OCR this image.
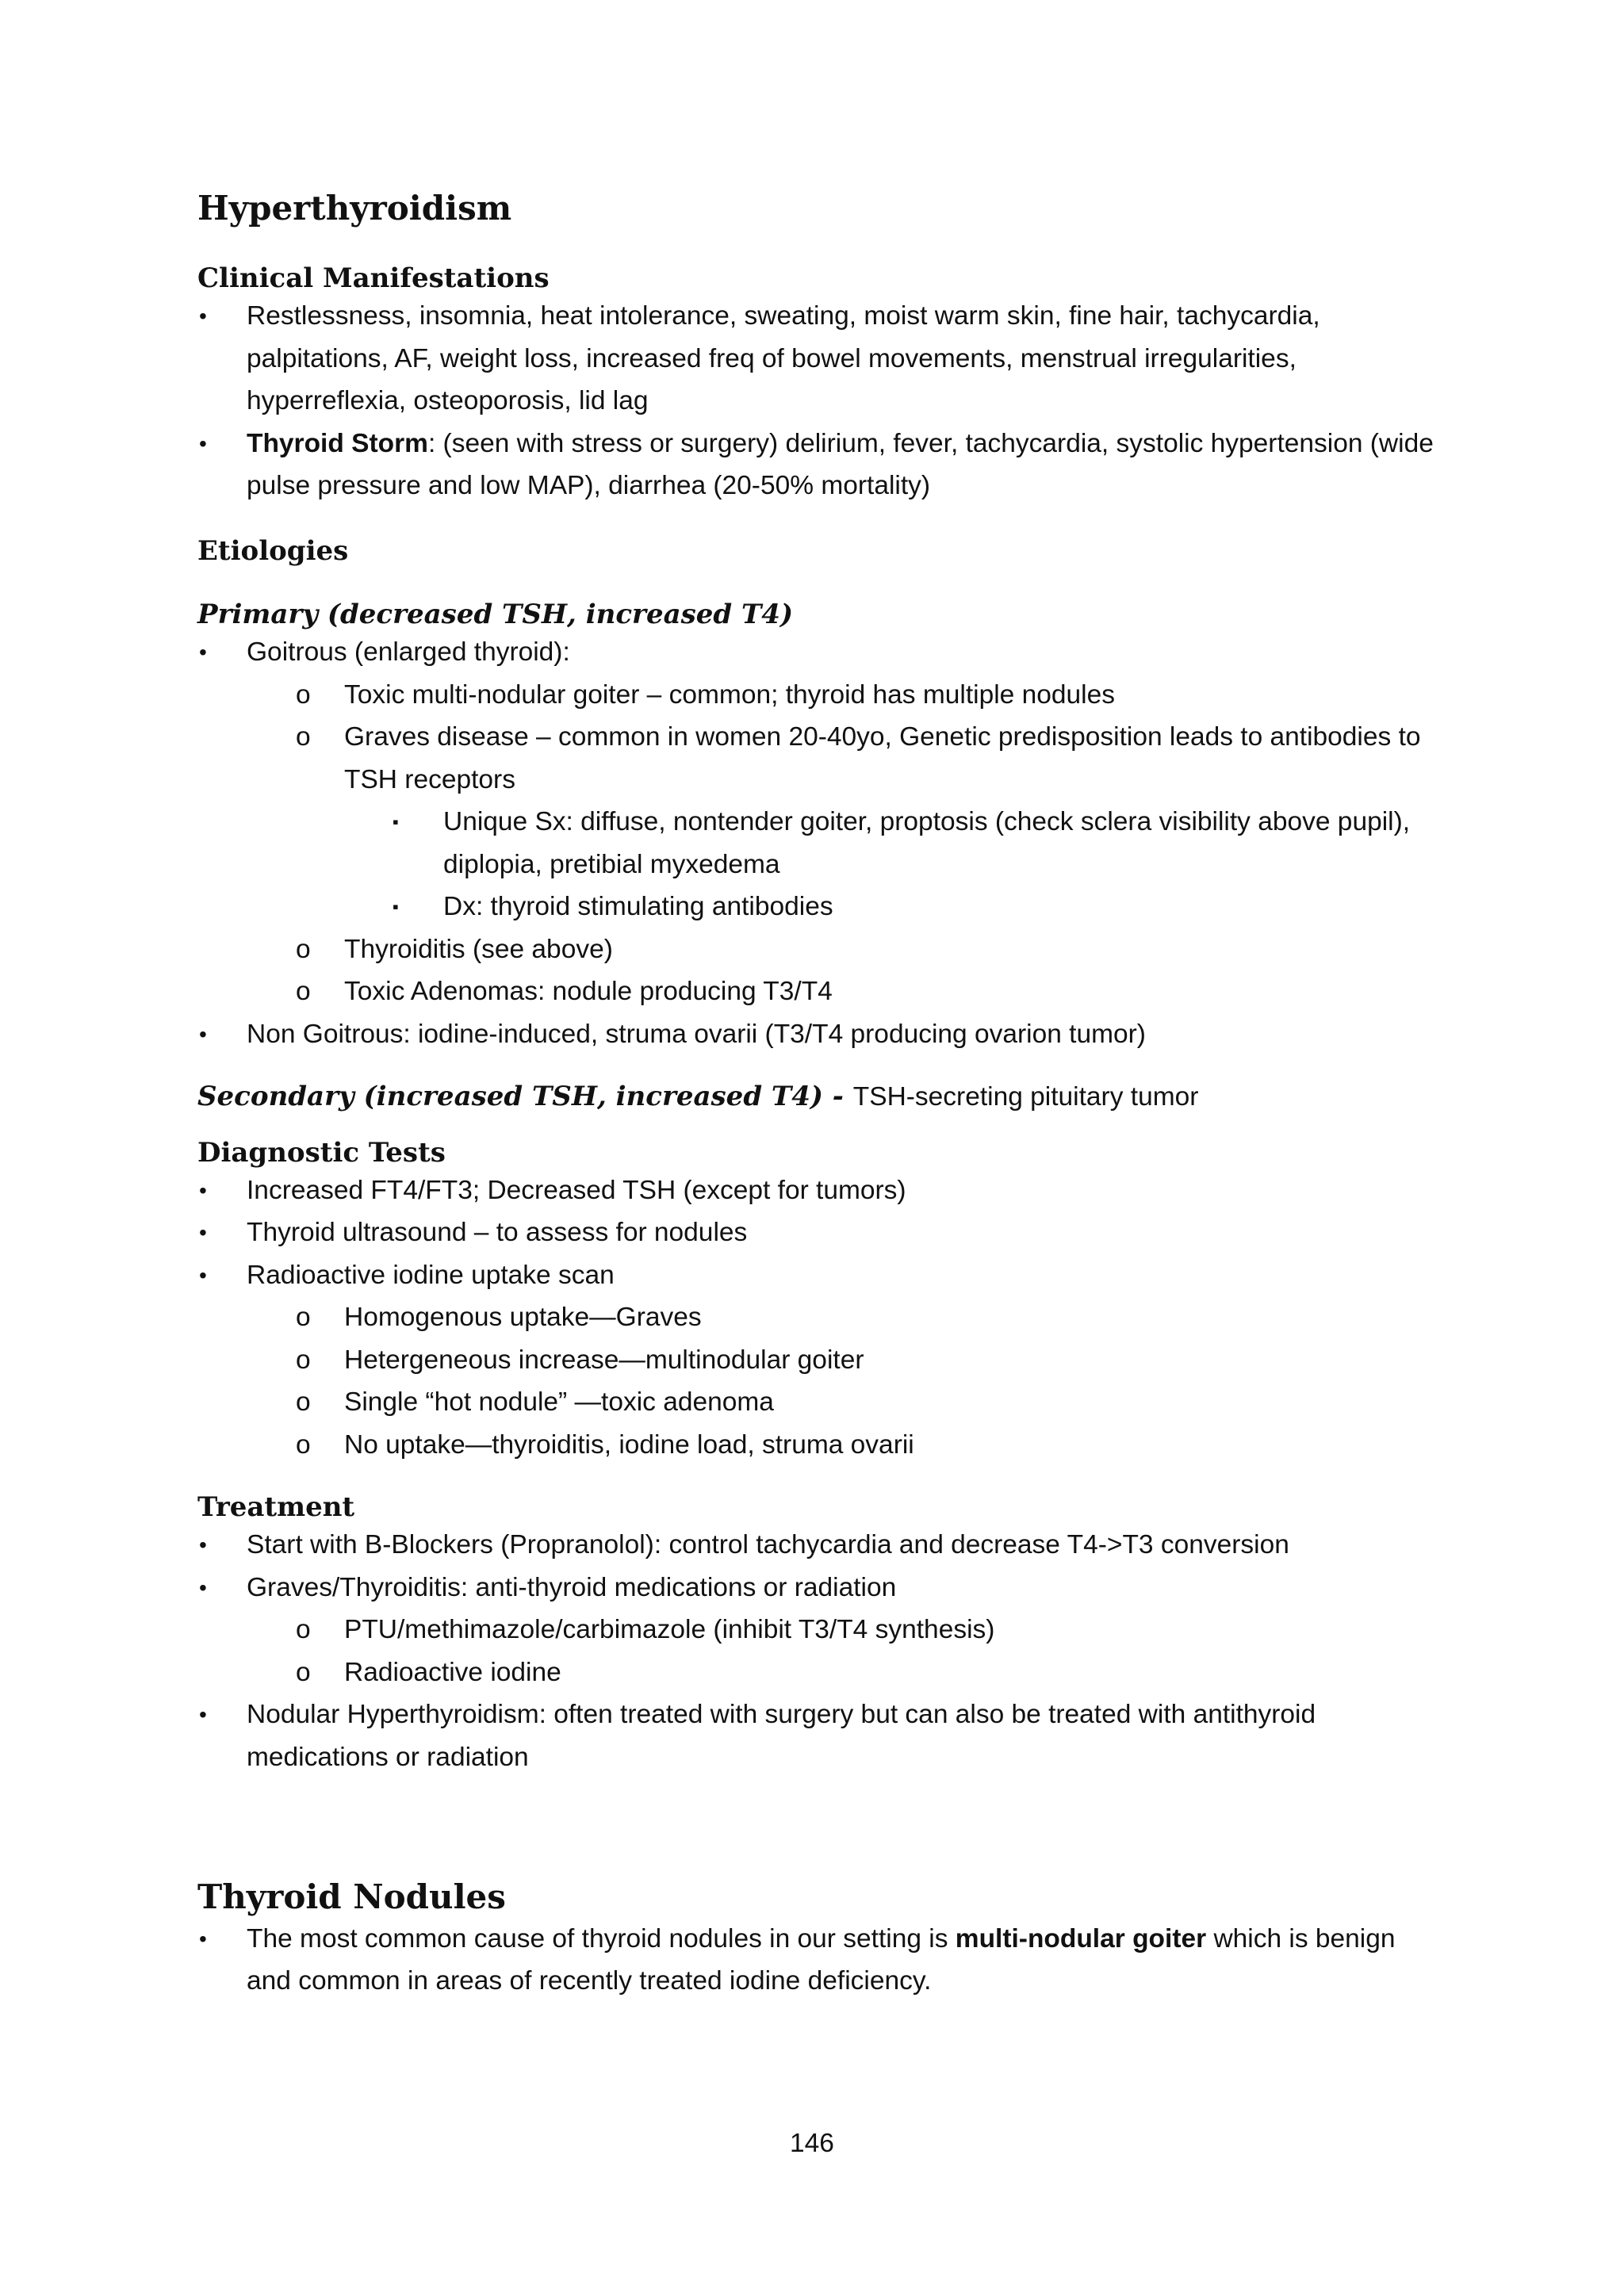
Hyperthyroidism
Clinical Manifestations
• Restlessness, insomnia, heat intolerance, sweating, moist warm skin, fine hair, tachycardia, palpitations, AF, weight loss, increased freq of bowel movements, menstrual irregularities, hyperreflexia, osteoporosis, lid lag
• Thyroid Storm: (seen with stress or surgery) delirium, fever, tachycardia, systolic hypertension (wide pulse pressure and low MAP), diarrhea (20-50% mortality)
Etiologies
Primary (decreased TSH, increased T4)
• Goitrous (enlarged thyroid):
o Toxic multi-nodular goiter – common; thyroid has multiple nodules
o Graves disease – common in women 20-40yo, Genetic predisposition leads to antibodies to TSH receptors
▪ Unique Sx: diffuse, nontender goiter, proptosis (check sclera visibility above pupil), diplopia, pretibial myxedema
▪ Dx: thyroid stimulating antibodies
o Thyroiditis (see above)
o Toxic Adenomas: nodule producing T3/T4
• Non Goitrous: iodine-induced, struma ovarii (T3/T4 producing ovarion tumor)
Secondary (increased TSH, increased T4) - TSH-secreting pituitary tumor
Diagnostic Tests
• Increased FT4/FT3; Decreased TSH (except for tumors)
• Thyroid ultrasound – to assess for nodules
• Radioactive iodine uptake scan
o Homogenous uptake—Graves
o Hetergeneous increase—multinodular goiter
o Single “hot nodule” —toxic adenoma
o No uptake—thyroiditis, iodine load, struma ovarii
Treatment
• Start with B-Blockers (Propranolol): control tachycardia and decrease T4->T3 conversion
• Graves/Thyroiditis: anti-thyroid medications or radiation
o PTU/methimazole/carbimazole (inhibit T3/T4 synthesis)
o Radioactive iodine
• Nodular Hyperthyroidism: often treated with surgery but can also be treated with antithyroid medications or radiation
Thyroid Nodules
• The most common cause of thyroid nodules in our setting is multi-nodular goiter which is benign and common in areas of recently treated iodine deficiency.
146
